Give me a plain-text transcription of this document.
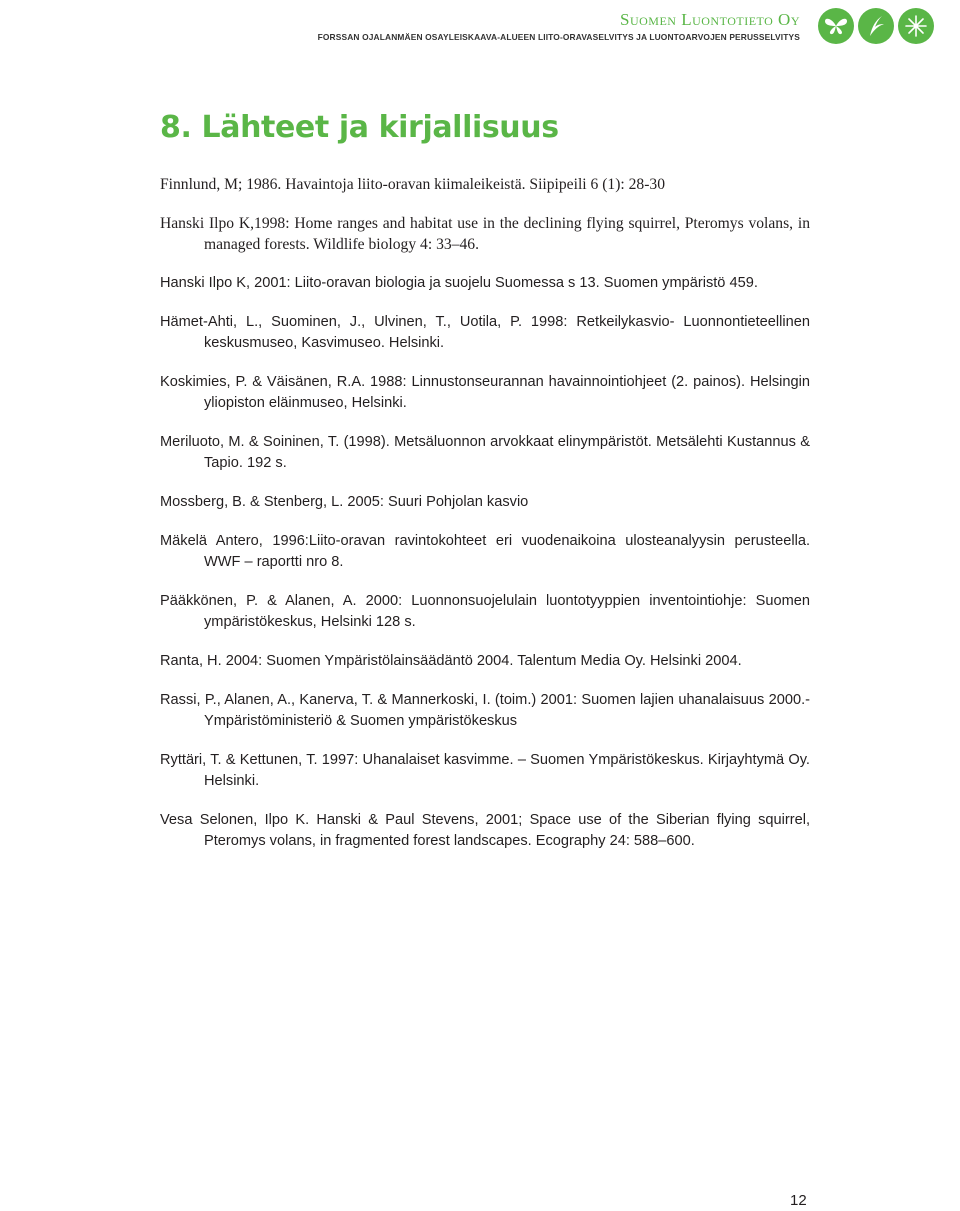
Suomen Luontotieto Oy
FORSSAN OJALANMÄEN OSAYLEISKAAVA-ALUEEN LIITO-ORAVASELVITYS JA LUONTOARVOJEN PERUSSELVITYS
8. Lähteet ja kirjallisuus

Finnlund, M; 1986. Havaintoja liito-oravan kiimaleikeistä. Siipipeili 6 (1): 28-30

Hanski Ilpo K,1998: Home ranges and habitat use in the declining flying squirrel, Pteromys volans, in managed forests. Wildlife biology 4: 33–46.

Hanski Ilpo K, 2001: Liito-oravan biologia ja suojelu Suomessa s 13. Suomen ympäristö 459.

Hämet-Ahti, L., Suominen, J., Ulvinen, T., Uotila, P. 1998: Retkeilykasvio- Luonnontieteellinen keskusmuseo, Kasvimuseo. Helsinki.

Koskimies, P. & Väisänen, R.A. 1988: Linnustonseurannan havainnointiohjeet (2. painos). Helsingin yliopiston eläinmuseo, Helsinki.

Meriluoto, M. & Soininen, T. (1998). Metsäluonnon arvokkaat elinympäristöt. Metsälehti Kustannus & Tapio. 192 s.

Mossberg, B. & Stenberg, L. 2005: Suuri Pohjolan kasvio

Mäkelä Antero, 1996:Liito-oravan ravintokohteet eri vuodenaikoina ulosteanalyysin perusteella. WWF – raportti nro 8.

Pääkkönen, P. & Alanen, A. 2000: Luonnonsuojelulain luontotyyppien inventointiohje: Suomen ympäristökeskus, Helsinki 128 s.

Ranta, H. 2004: Suomen Ympäristölainsäädäntö 2004. Talentum Media Oy. Helsinki 2004.

Rassi, P., Alanen, A., Kanerva, T. & Mannerkoski, I. (toim.) 2001: Suomen lajien uhanalaisuus 2000.-Ympäristöministeriö & Suomen ympäristökeskus

Ryttäri, T. & Kettunen, T. 1997: Uhanalaiset kasvimme. – Suomen Ympäristökeskus. Kirjayhtymä Oy. Helsinki.

Vesa Selonen, Ilpo K. Hanski & Paul Stevens, 2001; Space use of the Siberian flying squirrel, Pteromys volans, in fragmented forest landscapes. Ecography 24: 588–600.

12
